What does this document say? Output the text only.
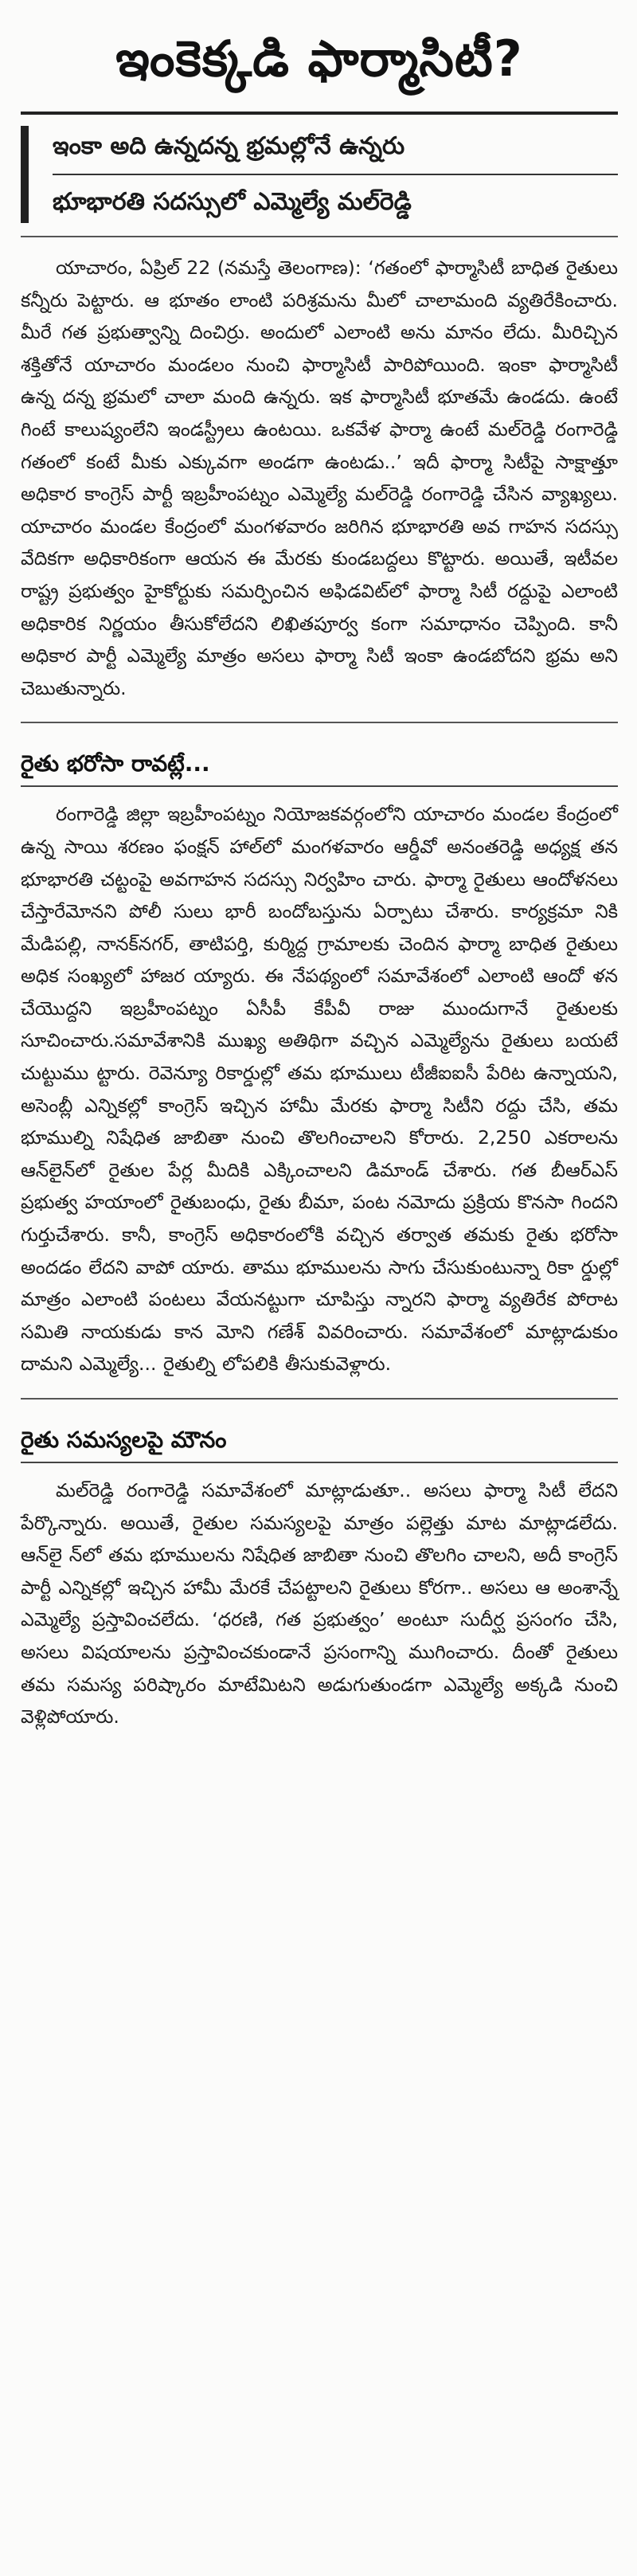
ఇంకెక్కడి ఫార్మాసిటీ?
ఇంకా అది ఉన్నదన్న భ్రమల్లోనే ఉన్నరు
భూభారతి సదస్సులో ఎమ్మెల్యే మల్‌రెడ్డి

యాచారం, ఏప్రిల్ 22 (నమస్తే తెలంగాణ): ‘గతంలో ఫార్మాసిటీ బాధిత రైతులు కన్నీరు పెట్టారు. ఆ భూతం లాంటి పరిశ్రమను మీలో చాలామంది వ్యతిరేకించారు. మీరే గత ప్రభుత్వాన్ని దించిర్రు. అందులో ఎలాంటి అను మానం లేదు. మీరిచ్చిన శక్తితోనే యాచారం మండలం నుంచి ఫార్మాసిటీ పారిపోయింది. ఇంకా ఫార్మాసిటీ ఉన్న దన్న భ్రమలో చాలా మంది ఉన్నరు. ఇక ఫార్మాసిటీ భూతమే ఉండదు. ఉంటే గింటే కాలుష్యంలేని ఇండస్ట్రీలు ఉంటయి. ఒకవేళ ఫార్మా ఉంటే మల్‌రెడ్డి రంగారెడ్డి గతంలో కంటే మీకు ఎక్కువగా అండగా ఉంటడు..’ ఇదీ ఫార్మా సిటీపై సాక్షాత్తూ అధికార కాంగ్రెస్ పార్టీ ఇబ్రహీంపట్నం ఎమ్మెల్యే మల్‌రెడ్డి రంగారెడ్డి చేసిన వ్యాఖ్యలు. యాచారం మండల కేంద్రంలో మంగళవారం జరిగిన భూభారతి అవ గాహన సదస్సు వేదికగా అధికారికంగా ఆయన ఈ మేరకు కుండబద్దలు కొట్టారు. అయితే, ఇటీవల రాష్ట్ర ప్రభుత్వం హైకోర్టుకు సమర్పించిన అఫిడవిట్‌లో ఫార్మా సిటీ రద్దుపై ఎలాంటి అధికారిక నిర్ణయం తీసుకోలేదని లిఖితపూర్వ కంగా సమాధానం చెప్పింది. కానీ అధికార పార్టీ ఎమ్మెల్యే మాత్రం అసలు ఫార్మా సిటీ ఇంకా ఉండబోదని భ్రమ అని చెబుతున్నారు.

రైతు భరోసా రావట్లే...

రంగారెడ్డి జిల్లా ఇబ్రహీంపట్నం నియోజకవర్గంలోని యాచారం మండల కేంద్రంలో ఉన్న సాయి శరణం ఫంక్షన్ హాల్‌లో మంగళవారం ఆర్డీవో అనంతరెడ్డి అధ్యక్ష తన భూభారతి చట్టంపై అవగాహన సదస్సు నిర్వహిం చారు. ఫార్మా రైతులు ఆందోళనలు చేస్తారేమోనని పోలీ సులు భారీ బందోబస్తును ఏర్పాటు చేశారు. కార్యక్రమా నికి మేడిపల్లి, నానక్‌నగర్, తాటిపర్తి, కుర్మిద్ద గ్రామాలకు చెందిన ఫార్మా బాధిత రైతులు అధిక సంఖ్యలో హాజర య్యారు. ఈ నేపథ్యంలో సమావేశంలో ఎలాంటి ఆందో ళన చేయొద్దని ఇబ్రహీంపట్నం ఏసీపీ కేపీవీ రాజు ముందుగానే రైతులకు సూచించారు.సమావేశానికి ముఖ్య అతిథిగా వచ్చిన ఎమ్మెల్యేను రైతులు బయటే చుట్టుము ట్టారు. రెవెన్యూ రికార్డుల్లో తమ భూములు టీజీఐఐసీ పేరిట ఉన్నాయని, అసెంబ్లీ ఎన్నికల్లో కాంగ్రెస్ ఇచ్చిన హామీ మేరకు ఫార్మా సిటీని రద్దు చేసి, తమ భూముల్ని నిషేధిత జాబితా నుంచి తొలగించాలని కోరారు. 2,250 ఎకరాలను ఆన్‌లైన్‌లో రైతుల పేర్ల మీదికి ఎక్కించాలని డిమాండ్ చేశారు. గత బీఆర్‌ఎస్ ప్రభుత్వ హయాంలో రైతుబంధు, రైతు బీమా, పంట నమోదు ప్రక్రియ కొనసా గిందని గుర్తుచేశారు. కానీ, కాంగ్రెస్ అధికారంలోకి వచ్చిన తర్వాత తమకు రైతు భరోసా అందడం లేదని వాపో యారు. తాము భూములను సాగు చేసుకుంటున్నా రికా ర్డుల్లో మాత్రం ఎలాంటి పంటలు వేయనట్టుగా చూపిస్తు న్నారని ఫార్మా వ్యతిరేక పోరాట సమితి నాయకుడు కాన మోని గణేశ్ వివరించారు. సమావేశంలో మాట్లాడుకుం దామని ఎమ్మెల్యే... రైతుల్ని లోపలికి తీసుకువెళ్లారు.

రైతు సమస్యలపై మౌనం

మల్‌రెడ్డి రంగారెడ్డి సమావేశంలో మాట్లాడుతూ.. అసలు ఫార్మా సిటీ లేదని పేర్కొన్నారు. అయితే, రైతుల సమస్యలపై మాత్రం పల్లెత్తు మాట మాట్లాడలేదు. ఆన్‌లై న్‌లో తమ భూములను నిషేధిత జాబితా నుంచి తొలగిం చాలని, అదీ కాంగ్రెస్ పార్టీ ఎన్నికల్లో ఇచ్చిన హామీ మేరకే చేపట్టాలని రైతులు కోరగా.. అసలు ఆ అంశాన్నే ఎమ్మెల్యే ప్రస్తావించలేదు. ‘ధరణి, గత ప్రభుత్వం’ అంటూ సుదీర్ఘ ప్రసంగం చేసి, అసలు విషయాలను ప్రస్తావించకుండానే ప్రసంగాన్ని ముగించారు. దీంతో రైతులు తమ సమస్య పరిష్కారం మాటేమిటని అడుగుతుండగా ఎమ్మెల్యే అక్కడి నుంచి వెళ్లిపోయారు.
